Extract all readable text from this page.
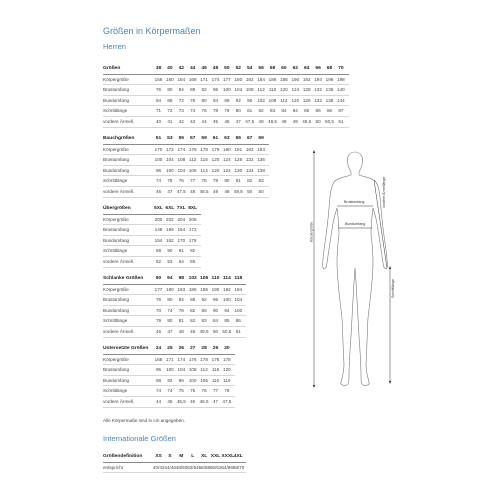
Größen in Körpermaßen
Herren
Größen	38	40	42	44	46	48	50	52	54	56	58	60	62	64	66	68	70
Körpergröße	156 160 164 168 171 174 177 180 182 184 186 188 190 192 194 196 198
Brustumfang	76	80	84	88	92	96	100 104 108 112 116 120 124 128 132 136 140
Bundumfang	64	68	72	76	80	84	88	92	96	102 108 114 120 126 132 138 144
Schrittlänge	71	72	73	74	76	78	79	80	81	82	83	84	84	85	86	86	87
vordere Ärmell.	40	41	42	43	44	45	46	47 47,5 48 48,5 49	49 49,5 50 50,5 51
Bauchgrößen	51	53	55	57	59	61	63	65	67	69
Körpergröße	170 172 174 176 178 179 180 181 182 183
Brustumfang	100 104 108 112 116 120 124 128 132 136
Bundumfang	96	100 104 108 114 120 124 130 134 138
Schrittlänge	74	75	76	77	78	79	80	81	82	83
vordere Ärmell.	46	47 47,5 48 48,5 49	49 49,5 50	50
Übergrößen	5XL 6XL 7XL 8XL
Körpergröße	200 202 204 206
Brustumfang	148 156 164 172
Bundumfang	154 162 170 178
Schrittlänge	89	90	91	92
vordere Ärmell.	52	53	54	55
Schlanke Größen	90	94	98 102 106 110 114 118
Körpergröße	177 180 183 186 189 190 192 194
Brustumfang	76	80	84	88	92	96	100 104
Bundumfang	70	74	78	82	86	90	94	100
Schrittlänge	79	80	81	82	83	84	85	86
vordere Ärmell.	46	47	48	49 49,5 50 50,5 51
Untersetzte Größen	24	25	26	27	28	29	30
Körpergröße	168 171 174 176 178 178 178
Brustumfang	96	100 104 108 112 116 120
Bundumfang	88	92	96	100 106 110 116
Schrittlänge	74	74	75	76	76	77	78
vordere Ärmell.	44	45 45,5 46 46,5 47 47,5
Größendefinition	XS	S	M	L	XL XXL XXXL 4XL
entspricht	40/42 44/46 48/50 52/54 56/58 60/62 64/66 68/70
Alle Körpermaße sind in cm angegeben.
Internationale Größen
Brustumfang
Bundumfang
Körpergröße
vordere Ärmellänge
Schrittlänge
